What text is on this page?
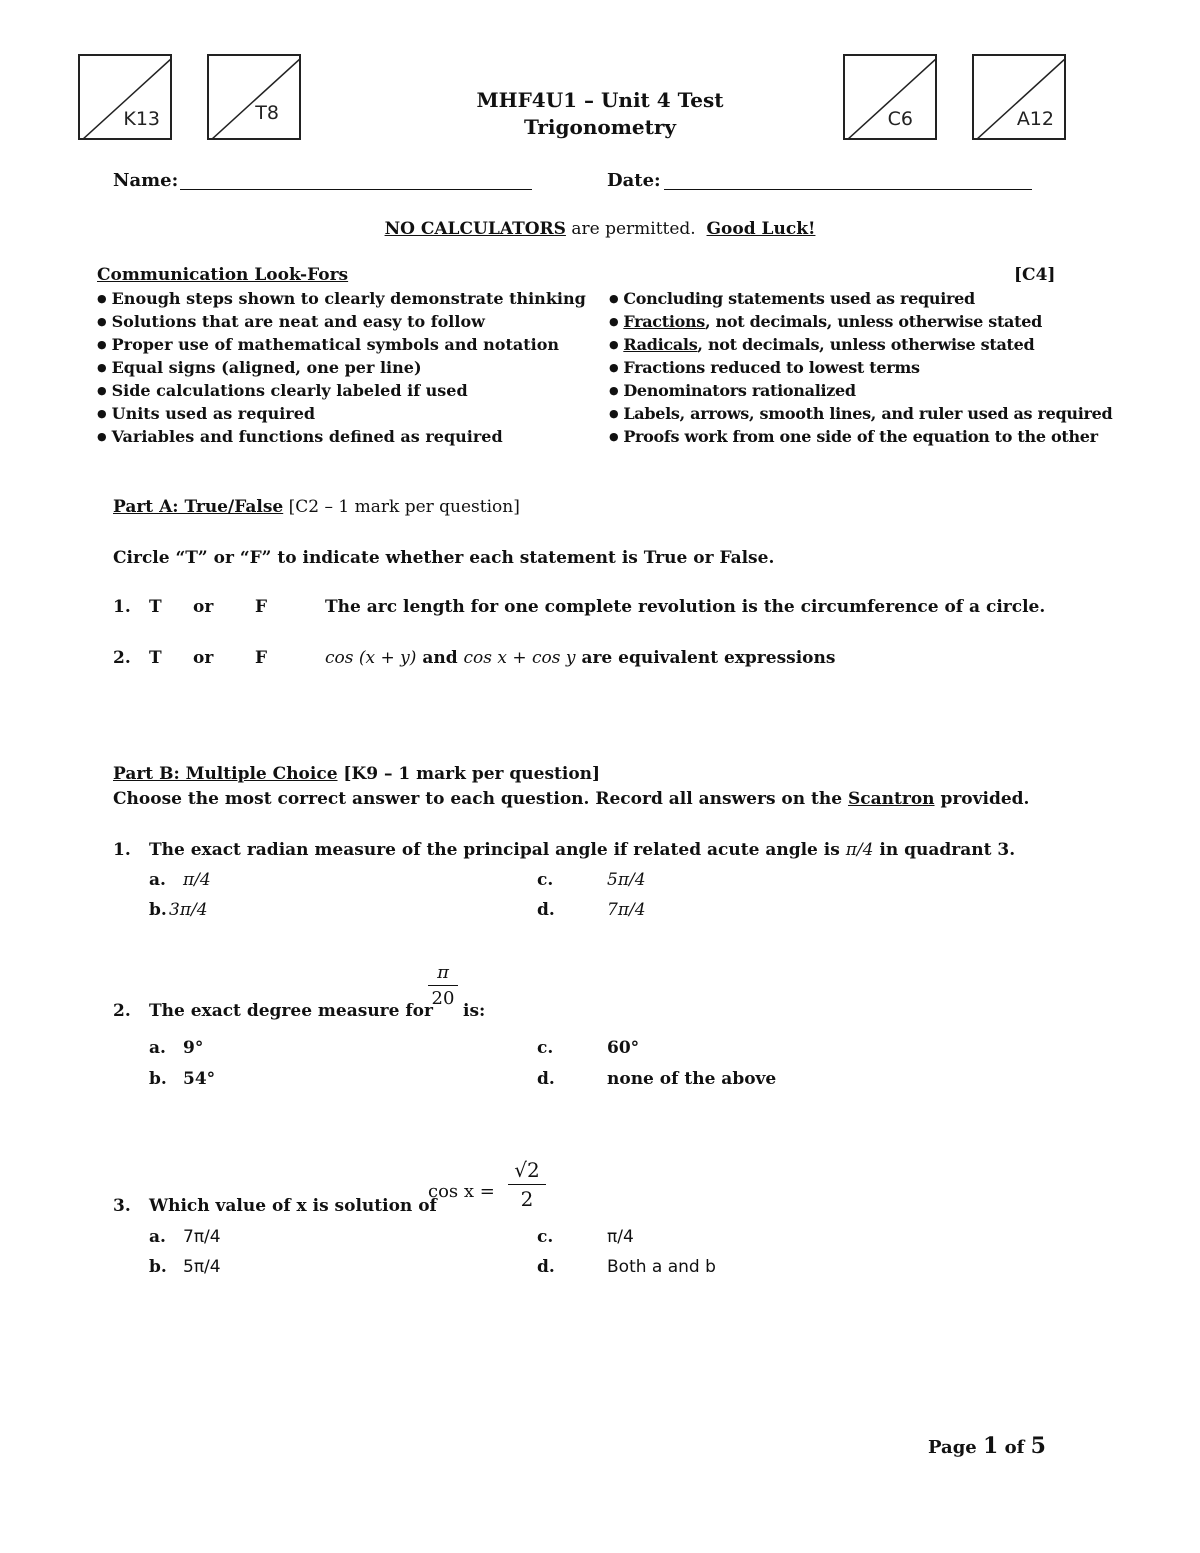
K13	T8	C6	A12
MHF4U1 – Unit 4 Test
Trigonometry
Name:	Date:
NO CALCULATORS are permitted. Good Luck!
Communication Look-Fors	[C4]
● Enough steps shown to clearly demonstrate thinking
● Solutions that are neat and easy to follow
● Proper use of mathematical symbols and notation
● Equal signs (aligned, one per line)
● Side calculations clearly labeled if used
● Units used as required
● Variables and functions defined as required
● Concluding statements used as required
● Fractions, not decimals, unless otherwise stated
● Radicals, not decimals, unless otherwise stated
● Fractions reduced to lowest terms
● Denominators rationalized
● Labels, arrows, smooth lines, and ruler used as required
● Proofs work from one side of the equation to the other
Part A: True/False [C2 – 1 mark per question]
Circle “T” or “F” to indicate whether each statement is True or False.
1. T or F	The arc length for one complete revolution is the circumference of a circle.
2. T or F	cos (x + y) and cos x + cos y are equivalent expressions
Part B: Multiple Choice [K9 – 1 mark per question]
Choose the most correct answer to each question. Record all answers on the Scantron provided.
1. The exact radian measure of the principal angle if related acute angle is π/4 in quadrant 3.
a. π/4
b. 3π/4
c.	5π/4
d.	7π/4
2. The exact degree measure for
π
20
is:
a. 9°
b. 54°
c.	60°
d.	none of the above
3. Which value of x is solution of
cos x =
√2
2
a. 7π/4
b. 5π/4
c.	π/4
d.	Both a and b
Page 1 of 5
